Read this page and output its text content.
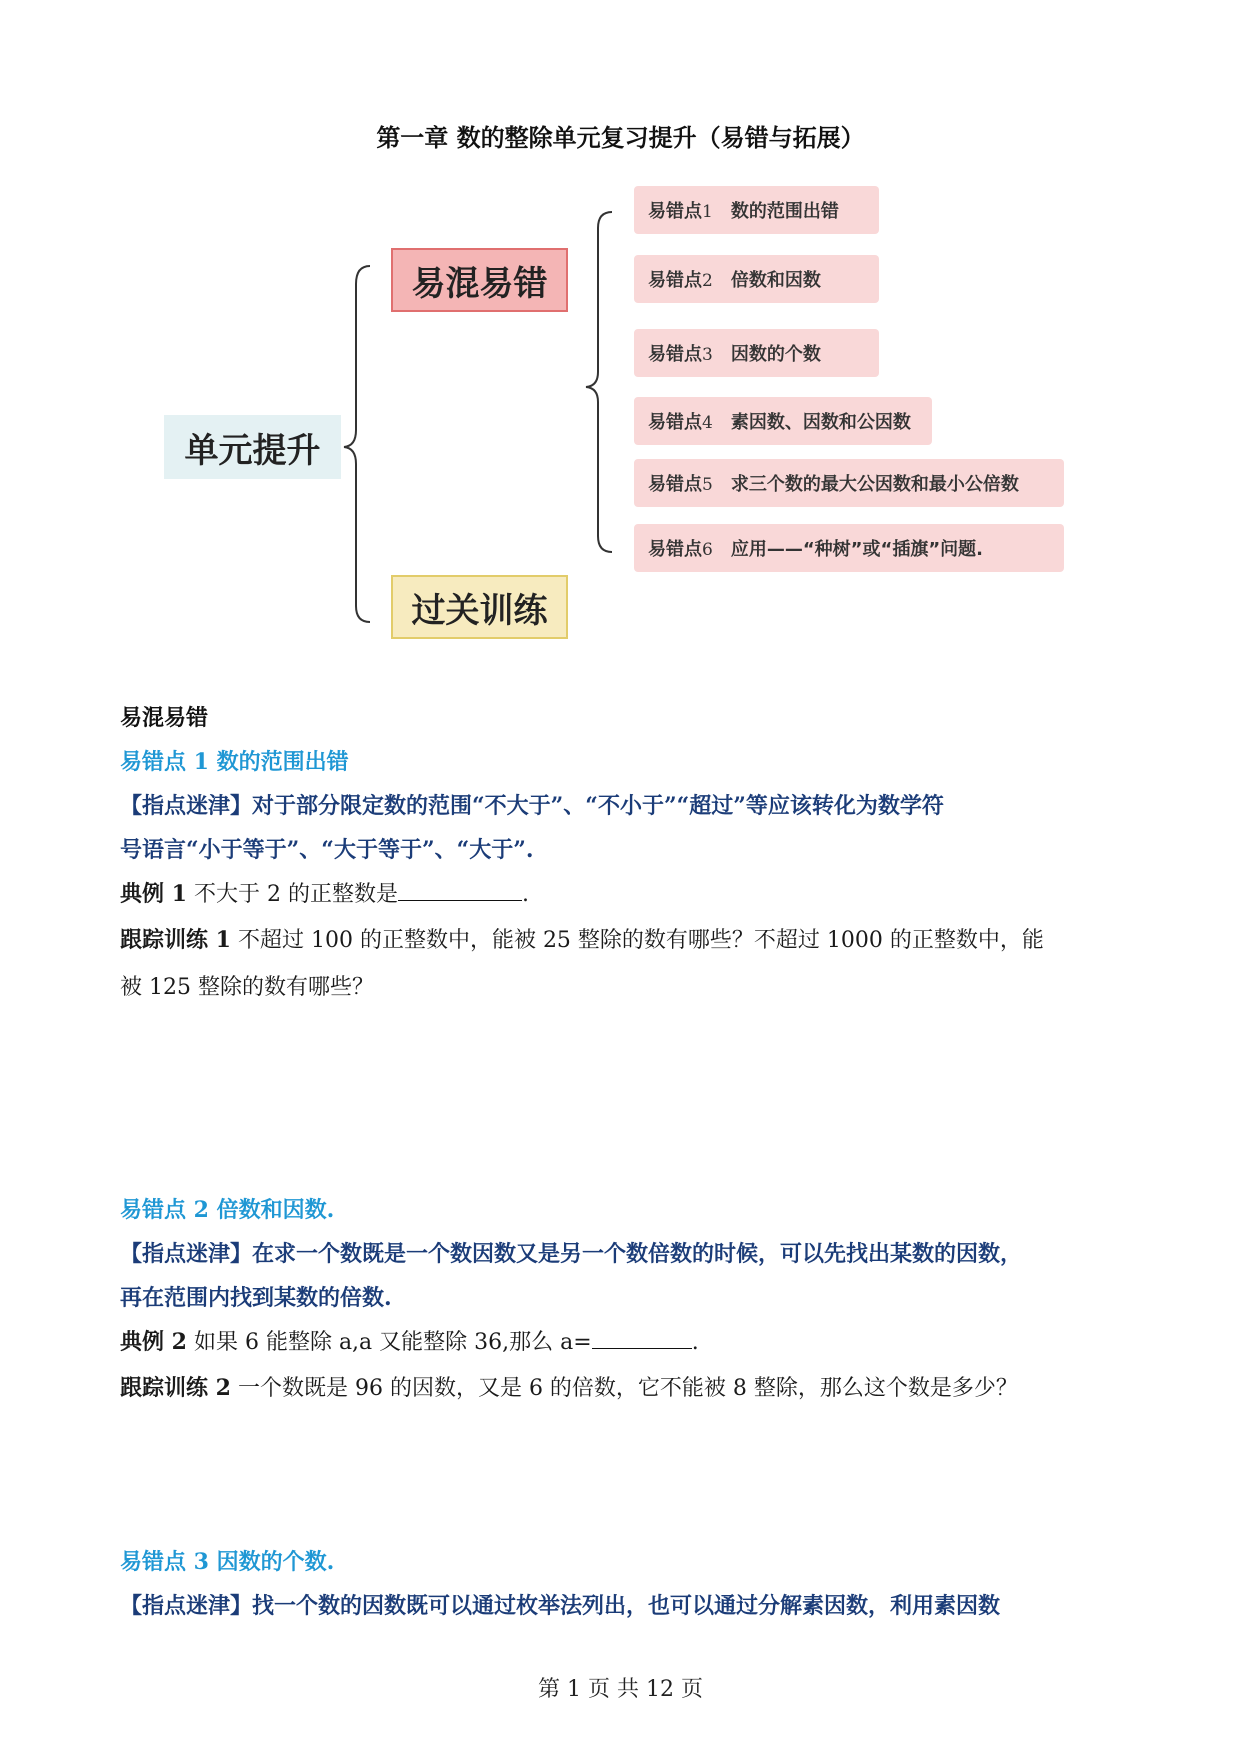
第一章 数的整除单元复习提升（易错与拓展）
单元提升
易混易错
过关训练
易错点1 数的范围出错
易错点2 倍数和因数
易错点3 因数的个数
易错点4 素因数、因数和公因数
易错点5 求三个数的最大公因数和最小公倍数
易错点6 应用——“种树”或“插旗”问题.
易混易错
易错点 1 数的范围出错
【指点迷津】对于部分限定数的范围“不大于”、“不小于”“超过”等应该转化为数学符
号语言“小于等于”、“大于等于”、“大于”.
典例 1 不大于 2 的正整数是	.
跟踪训练 1 不超过 100 的正整数中，能被 25 整除的数有哪些？不超过 1000 的正整数中，能
被 125 整除的数有哪些？
易错点 2 倍数和因数.
【指点迷津】在求一个数既是一个数因数又是另一个数倍数的时候，可以先找出某数的因数，
再在范围内找到某数的倍数.
典例 2 如果 6 能整除 a,a 又能整除 36,那么 a=	.
跟踪训练 2 一个数既是 96 的因数，又是 6 的倍数，它不能被 8 整除，那么这个数是多少？
易错点 3 因数的个数.
【指点迷津】找一个数的因数既可以通过枚举法列出，也可以通过分解素因数，利用素因数
第 1 页 共 12 页
